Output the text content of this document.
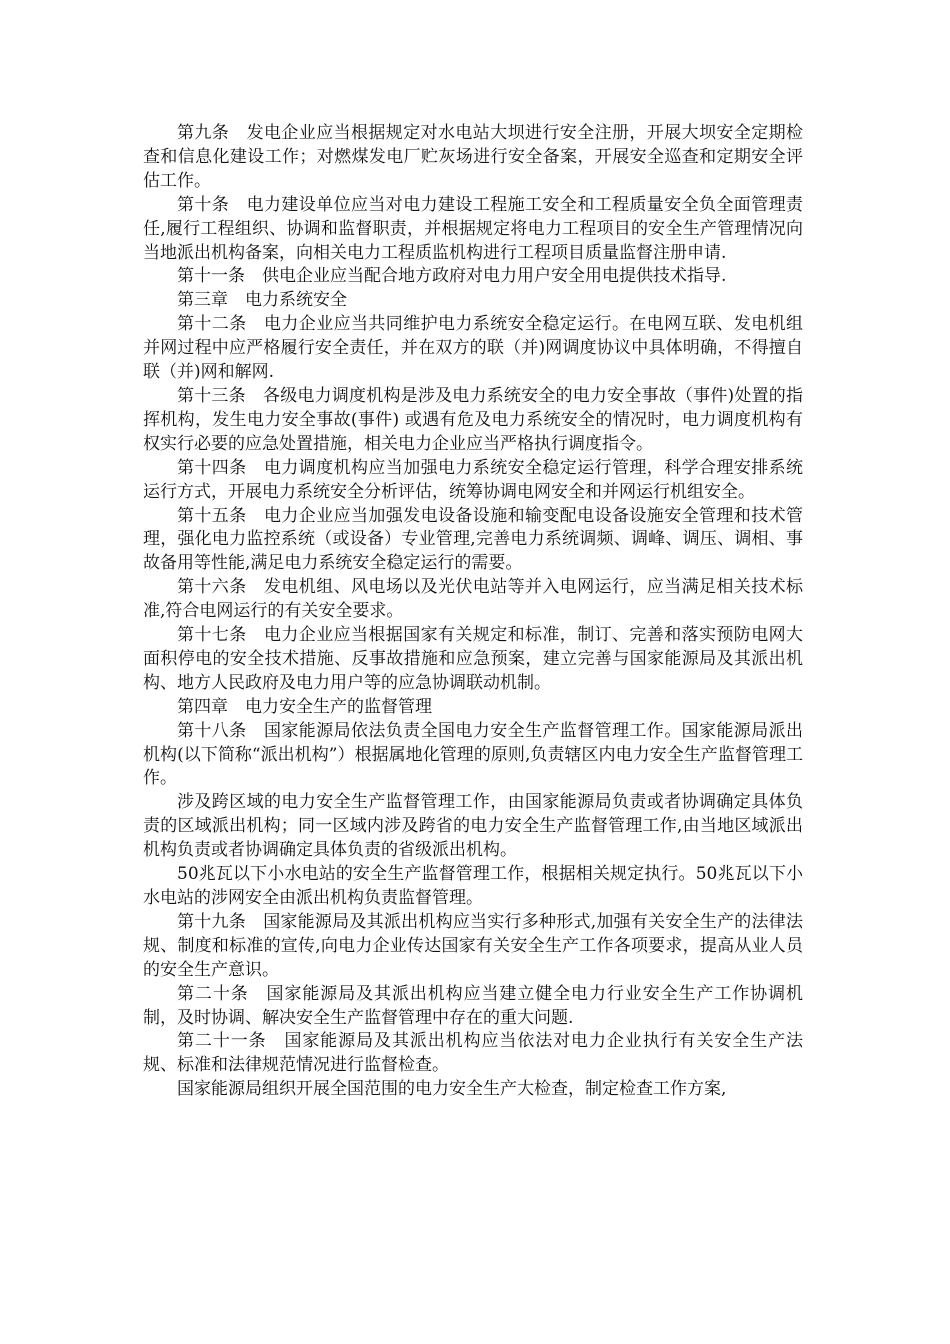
第九条　发电企业应当根据规定对水电站大坝进行安全注册，开展大坝安全定期检查和信息化建设工作；对燃煤发电厂贮灰场进行安全备案，开展安全巡查和定期安全评估工作。

第十条　电力建设单位应当对电力建设工程施工安全和工程质量安全负全面管理责任,履行工程组织、协调和监督职责，并根据规定将电力工程项目的安全生产管理情况向当地派出机构备案，向相关电力工程质监机构进行工程项目质量监督注册申请.

第十一条　供电企业应当配合地方政府对电力用户安全用电提供技术指导.

第三章　电力系统安全

第十二条　电力企业应当共同维护电力系统安全稳定运行。在电网互联、发电机组并网过程中应严格履行安全责任，并在双方的联（并)网调度协议中具体明确，不得擅自联（并)网和解网.

第十三条　各级电力调度机构是涉及电力系统安全的电力安全事故（事件)处置的指挥机构，发生电力安全事故(事件) 或遇有危及电力系统安全的情况时，电力调度机构有权实行必要的应急处置措施，相关电力企业应当严格执行调度指令。

第十四条　电力调度机构应当加强电力系统安全稳定运行管理，科学合理安排系统运行方式，开展电力系统安全分析评估，统筹协调电网安全和并网运行机组安全。

第十五条　电力企业应当加强发电设备设施和输变配电设备设施安全管理和技术管理，强化电力监控系统（或设备）专业管理,完善电力系统调频、调峰、调压、调相、事故备用等性能,满足电力系统安全稳定运行的需要。

第十六条　发电机组、风电场以及光伏电站等并入电网运行，应当满足相关技术标准,符合电网运行的有关安全要求。

第十七条　电力企业应当根据国家有关规定和标准，制订、完善和落实预防电网大面积停电的安全技术措施、反事故措施和应急预案，建立完善与国家能源局及其派出机构、地方人民政府及电力用户等的应急协调联动机制。

第四章　电力安全生产的监督管理

第十八条　国家能源局依法负责全国电力安全生产监督管理工作。国家能源局派出机构(以下简称“派出机构”）根据属地化管理的原则,负责辖区内电力安全生产监督管理工作。

涉及跨区域的电力安全生产监督管理工作，由国家能源局负责或者协调确定具体负责的区域派出机构；同一区域内涉及跨省的电力安全生产监督管理工作,由当地区域派出机构负责或者协调确定具体负责的省级派出机构。

50兆瓦以下小水电站的安全生产监督管理工作，根据相关规定执行。50兆瓦以下小水电站的涉网安全由派出机构负责监督管理。

第十九条　国家能源局及其派出机构应当实行多种形式,加强有关安全生产的法律法规、制度和标准的宣传,向电力企业传达国家有关安全生产工作各项要求，提高从业人员的安全生产意识。

第二十条　国家能源局及其派出机构应当建立健全电力行业安全生产工作协调机制，及时协调、解决安全生产监督管理中存在的重大问题.

第二十一条　国家能源局及其派出机构应当依法对电力企业执行有关安全生产法规、标准和法律规范情况进行监督检查。

国家能源局组织开展全国范围的电力安全生产大检查，制定检查工作方案,
